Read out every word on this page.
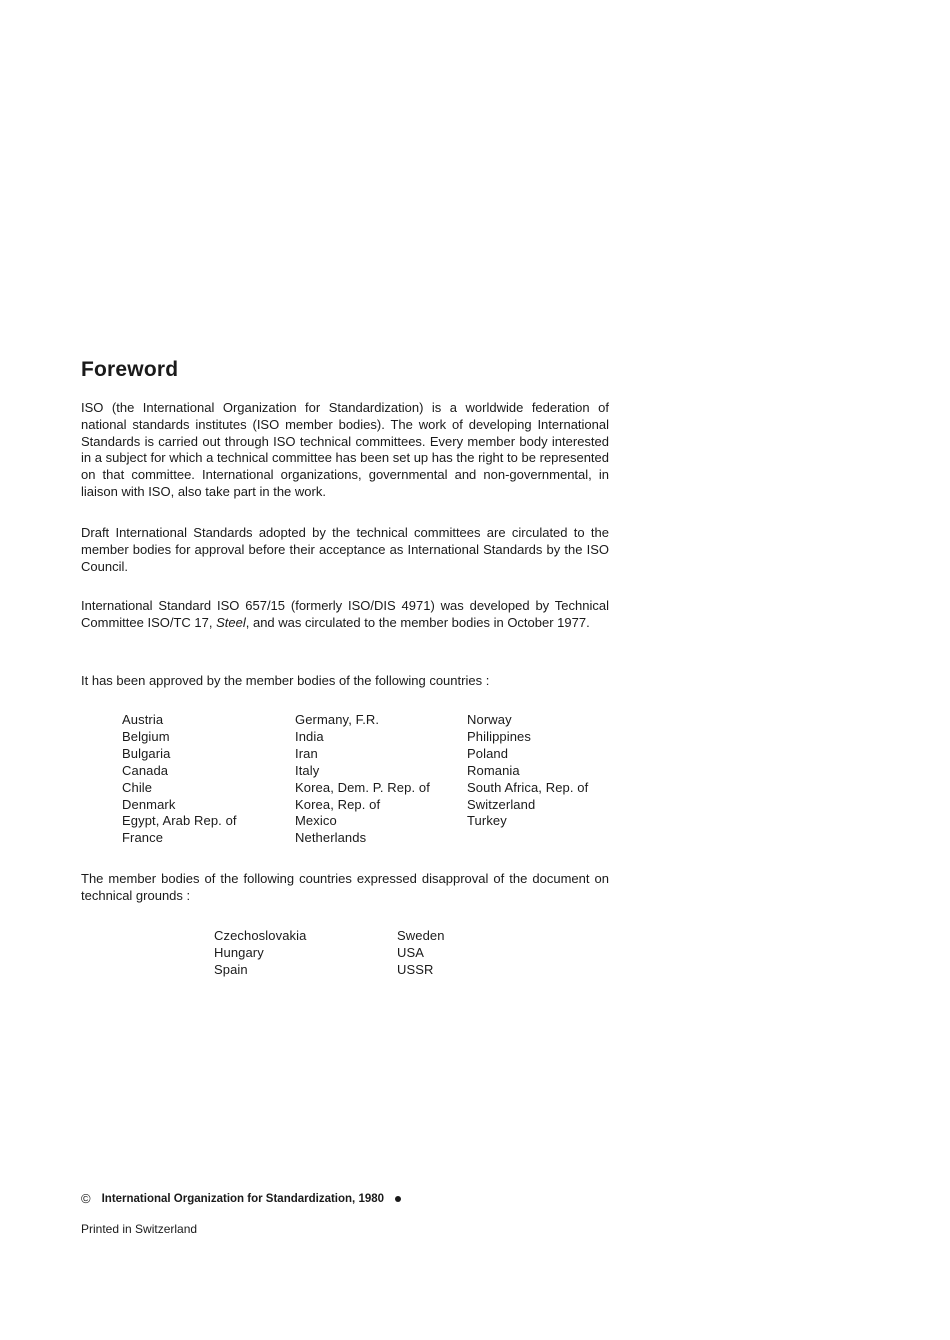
Foreword

ISO (the International Organization for Standardization) is a worldwide federation of national standards institutes (ISO member bodies). The work of developing International Standards is carried out through ISO technical committees. Every member body interested in a subject for which a technical committee has been set up has the right to be represented on that committee. International organizations, governmental and non-governmental, in liaison with ISO, also take part in the work.

Draft International Standards adopted by the technical committees are circulated to the member bodies for approval before their acceptance as International Standards by the ISO Council.

International Standard ISO 657/15 (formerly ISO/DIS 4971) was developed by Technical Committee ISO/TC 17, Steel, and was circulated to the member bodies in October 1977.

It has been approved by the member bodies of the following countries :

Austria
Belgium
Bulgaria
Canada
Chile
Denmark
Egypt, Arab Rep. of
France
Germany, F.R.
India
Iran
Italy
Korea, Dem. P. Rep. of
Korea, Rep. of
Mexico
Netherlands
Norway
Philippines
Poland
Romania
South Africa, Rep. of
Switzerland
Turkey

The member bodies of the following countries expressed disapproval of the document on technical grounds :

Czechoslovakia
Hungary
Spain
Sweden
USA
USSR
© International Organization for Standardization, 1980
Printed in Switzerland
